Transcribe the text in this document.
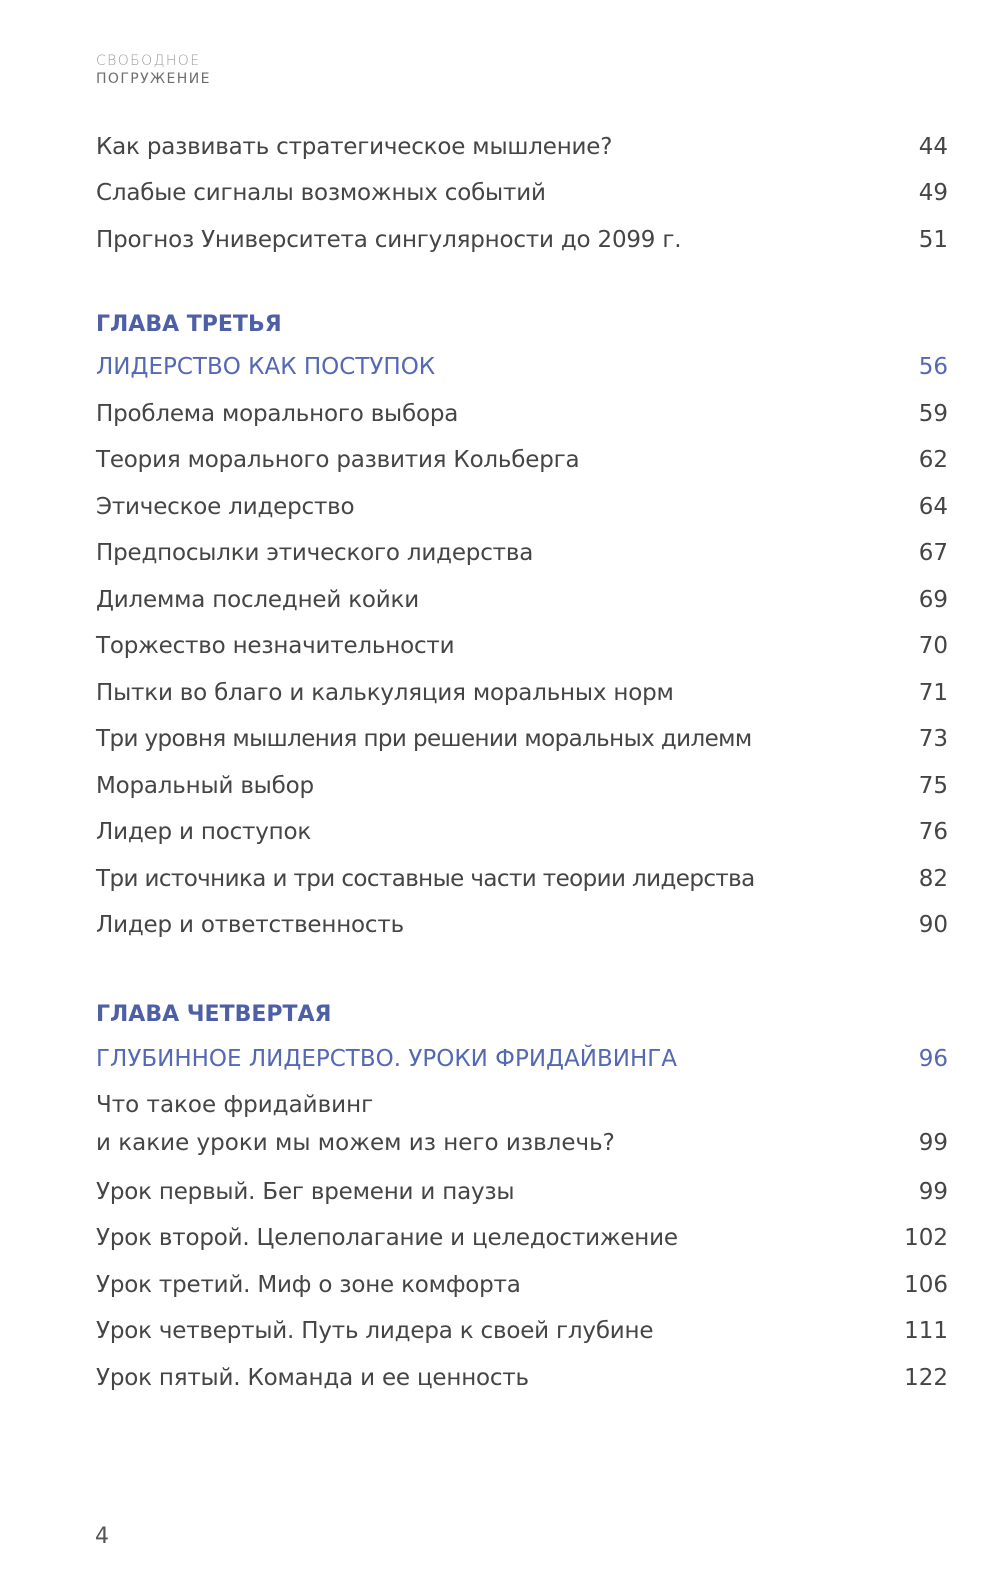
СВОБОДНОЕ
ПОГРУЖЕНИЕ
Как развивать стратегическое мышление?	44
Слабые сигналы возможных событий	49
Прогноз Университета сингулярности до 2099 г.	51
ГЛАВА ТРЕТЬЯ
ЛИДЕРСТВО КАК ПОСТУПОК	56
Проблема морального выбора	59
Теория морального развития Кольберга	62
Этическое лидерство	64
Предпосылки этического лидерства	67
Дилемма последней койки	69
Торжество незначительности	70
Пытки во благо и калькуляция моральных норм	71
Три уровня мышления при решении моральных дилемм	73
Моральный выбор	75
Лидер и поступок	76
Три источника и три составные части теории лидерства	82
Лидер и ответственность	90
ГЛАВА ЧЕТВЕРТАЯ
ГЛУБИННОЕ ЛИДЕРСТВО. УРОКИ ФРИДАЙВИНГА	96
Что такое фридайвинг
и какие уроки мы можем из него извлечь?	99
Урок первый. Бег времени и паузы	99
Урок второй. Целеполагание и целедостижение	102
Урок третий. Миф о зоне комфорта	106
Урок четвертый. Путь лидера к своей глубине	111
Урок пятый. Команда и ее ценность	122
4
